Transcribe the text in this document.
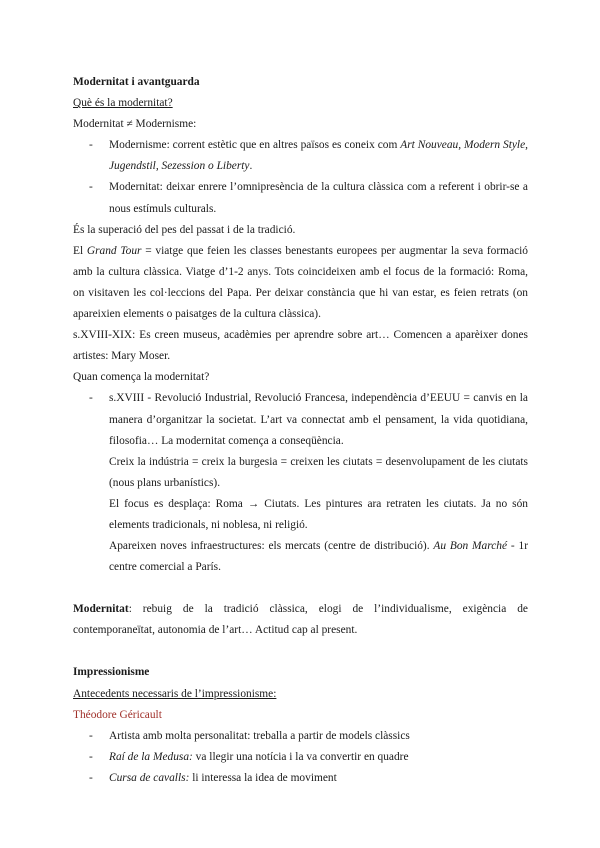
Modernitat i avantguarda

Què és la modernitat?

Modernitat ≠ Modernisme:

- Modernisme: corrent estètic que en altres països es coneix com Art Nouveau, Modern Style, Jugendstil, Sezession o Liberty.
- Modernitat: deixar enrere l’omnipresència de la cultura clàssica com a referent i obrir-se a nous estímuls culturals.

És la superació del pes del passat i de la tradició.

El Grand Tour = viatge que feien les classes benestants europees per augmentar la seva formació amb la cultura clàssica. Viatge d’1-2 anys. Tots coincideixen amb el focus de la formació: Roma, on visitaven les col·leccions del Papa. Per deixar constància que hi van estar, es feien retrats (on apareixien elements o paisatges de la cultura clàssica).

s.XVIII-XIX: Es creen museus, acadèmies per aprendre sobre art… Comencen a aparèixer dones artistes: Mary Moser.

Quan comença la modernitat?

- s.XVIII - Revolució Industrial, Revolució Francesa, independència d’EEUU = canvis en la manera d’organitzar la societat. L’art va connectat amb el pensament, la vida quotidiana, filosofia… La modernitat comença a conseqüència.

Creix la indústria = creix la burgesia = creixen les ciutats = desenvolupament de les ciutats (nous plans urbanístics).

El focus es desplaça: Roma → Ciutats. Les pintures ara retraten les ciutats. Ja no són elements tradicionals, ni noblesa, ni religió.

Apareixen noves infraestructures: els mercats (centre de distribució). Au Bon Marché - 1r centre comercial a París.

Modernitat: rebuig de la tradició clàssica, elogi de l’individualisme, exigència de contemporaneïtat, autonomia de l’art… Actitud cap al present.

Impressionisme

Antecedents necessaris de l’impressionisme:

Théodore Géricault

- Artista amb molta personalitat: treballa a partir de models clàssics
- Raí de la Medusa: va llegir una notícia i la va convertir en quadre
- Cursa de cavalls: li interessa la idea de moviment
